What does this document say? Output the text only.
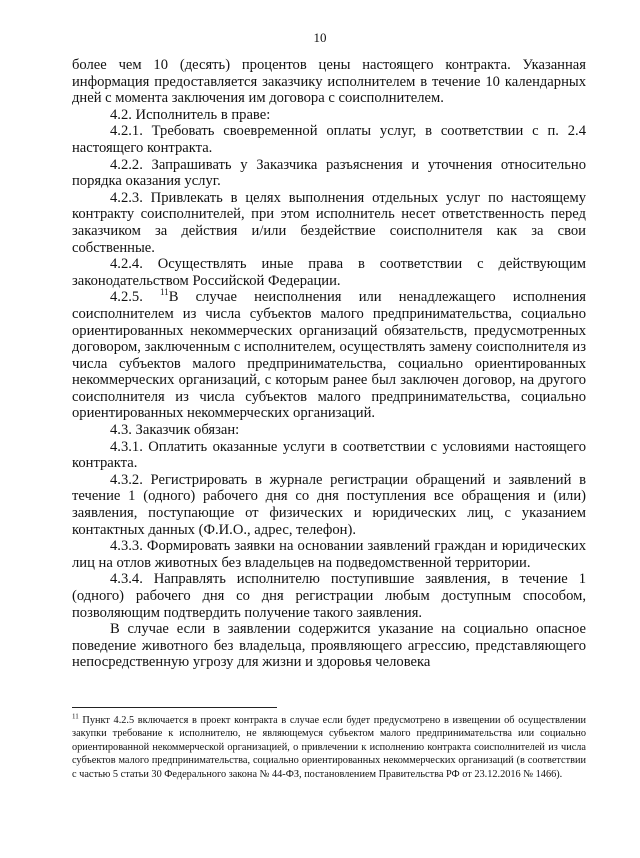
10

более чем 10 (десять) процентов цены настоящего контракта. Указанная информация предоставляется заказчику исполнителем в течение 10 календарных дней с момента заключения им договора с соисполнителем.

4.2. Исполнитель в праве:

4.2.1. Требовать своевременной оплаты услуг, в соответствии с п. 2.4 настоящего контракта.

4.2.2. Запрашивать у Заказчика разъяснения и уточнения относительно порядка оказания услуг.

4.2.3. Привлекать в целях выполнения отдельных услуг по настоящему контракту соисполнителей, при этом исполнитель несет ответственность перед заказчиком за действия и/или бездействие соисполнителя как за свои собственные.

4.2.4. Осуществлять иные права в соответствии с действующим законодательством Российской Федерации.

4.2.5. $^{11}$В случае неисполнения или ненадлежащего исполнения соисполнителем из числа субъектов малого предпринимательства, социально ориентированных некоммерческих организаций обязательств, предусмотренных договором, заключенным с исполнителем, осуществлять замену соисполнителя из числа субъектов малого предпринимательства, социально ориентированных некоммерческих организаций, с которым ранее был заключен договор, на другого соисполнителя из числа субъектов малого предпринимательства, социально ориентированных некоммерческих организаций.

4.3. Заказчик обязан:

4.3.1. Оплатить оказанные услуги в соответствии с условиями настоящего контракта.

4.3.2. Регистрировать в журнале регистрации обращений и заявлений в течение 1 (одного) рабочего дня со дня поступления все обращения и (или) заявления, поступающие от физических и юридических лиц, с указанием контактных данных (Ф.И.О., адрес, телефон).

4.3.3. Формировать заявки на основании заявлений граждан и юридических лиц на отлов животных без владельцев на подведомственной территории.

4.3.4. Направлять исполнителю поступившие заявления, в течение 1 (одного) рабочего дня со дня регистрации любым доступным способом, позволяющим подтвердить получение такого заявления.

В случае если в заявлении содержится указание на социально опасное поведение животного без владельца, проявляющего агрессию, представляющего непосредственную угрозу для жизни и здоровья человека

$^{11}$ Пункт 4.2.5 включается в проект контракта в случае если будет предусмотрено в извещении об осуществлении закупки требование к исполнителю, не являющемуся субъектом малого предпринимательства или социально ориентированной некоммерческой организацией, о привлечении к исполнению контракта соисполнителей из числа субъектов малого предпринимательства, социально ориентированных некоммерческих организаций (в соответствии с частью 5 статьи 30 Федерального закона № 44-ФЗ, постановлением Правительства РФ от 23.12.2016 № 1466).
